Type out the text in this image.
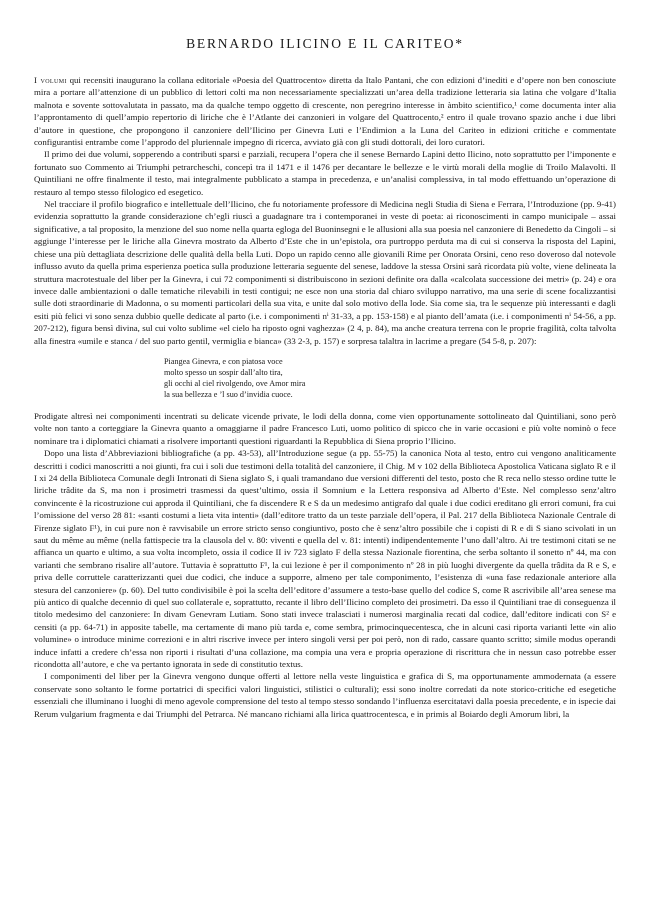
BERNARDO ILICINO E IL CARITEO*

I volumi qui recensiti inaugurano la collana editoriale «Poesia del Quattrocento» diretta da Italo Pantani, che con edizioni d’inediti e d’opere non ben conosciute mira a portare all’attenzione di un pubblico di lettori colti ma non necessariamente specializzati un’area della tradizione letteraria sia latina che volgare d’Italia malnota e sovente sottovalutata in passato, ma da qualche tempo oggetto di crescente, non peregrino interesse in àmbito scientifico,¹ come documenta inter alia l’approntamento di quell’ampio repertorio di liriche che è l’Atlante dei canzonieri in volgare del Quattrocento,² entro il quale trovano spazio anche i due libri d’autore in questione, che propongono il canzoniere dell’Ilicino per Ginevra Luti e l’Endimion a la Luna del Cariteo in edizioni critiche e commentate configurantisi entrambe come l’approdo del pluriennale impegno di ricerca, avviato già con gli studi dottorali, dei loro curatori.

Il primo dei due volumi, sopperendo a contributi sparsi e parziali, recupera l’opera che il senese Bernardo Lapini detto Ilicino, noto soprattutto per l’imponente e fortunato suo Commento ai Triumphi petrarcheschi, concepì tra il 1471 e il 1476 per decantare le bellezze e le virtù morali della moglie di Troilo Malavolti. Il Quintiliani ne offre finalmente il testo, mai integralmente pubblicato a stampa in precedenza, e un’analisi complessiva, in tal modo effettuando un’operazione di restauro al tempo stesso filologico ed esegetico.

Nel tracciare il profilo biografico e intellettuale dell’Ilicino, che fu notoriamente professore di Medicina negli Studia di Siena e Ferrara, l’Introduzione (pp. 9-41) evidenzia soprattutto la grande considerazione ch’egli riuscì a guadagnare tra i contemporanei in veste di poeta: ai riconoscimenti in campo municipale – assai significative, a tal proposito, la menzione del suo nome nella quarta egloga del Buoninsegni e le allusioni alla sua poesia nel canzoniere di Benedetto da Cingoli – si aggiunge l’interesse per le liriche alla Ginevra mostrato da Alberto d’Este che in un’epistola, ora purtroppo perduta ma di cui si conserva la risposta del Lapini, chiese una più dettagliata descrizione delle qualità della bella Luti. Dopo un rapido cenno alle giovanili Rime per Onorata Orsini, ceno reso doveroso dal notevole influsso avuto da quella prima esperienza poetica sulla produzione letteraria seguente del senese, laddove la stessa Orsini sarà ricordata più volte, viene delineata la struttura macrotestuale del liber per la Ginevra, i cui 72 componimenti si distribuiscono in sezioni definite ora dalla «calcolata successione dei metri» (p. 24) e ora invece dalle ambientazioni o dalle tematiche rilevabili in testi contigui; ne esce non una storia dal chiaro sviluppo narrativo, ma una serie di scene focalizzantisi sulle doti straordinarie di Madonna, o su momenti particolari della sua vita, e unite dal solo motivo della lode. Sia come sia, tra le sequenze più interessanti e dagli esiti più felici vi sono senza dubbio quelle dedicate al parto (i.e. i componimenti nⁱ 31-33, a pp. 153-158) e al pianto dell’amata (i.e. i componimenti nⁱ 54-56, a pp. 207-212), figura bensì divina, sul cui volto sublime «el cielo ha riposto ogni vaghezza» (2 4, p. 84), ma anche creatura terrena con le proprie fragilità, colta talvolta alla finestra «umile e stanca / del suo parto gentil, vermiglia e bianca» (33 2-3, p. 157) e sorpresa talaltra in lacrime a pregare (54 5-8, p. 207):

Piangea Ginevra, e con piatosa voce
molto spesso un sospir dall’alto tira,
gli occhi al ciel rivolgendo, ove Amor mira
la sua bellezza e ’l suo d’invidia cuoce.

Prodigate altresì nei componimenti incentrati su delicate vicende private, le lodi della donna, come vien opportunamente sottolineato dal Quintiliani, sono però volte non tanto a corteggiare la Ginevra quanto a omaggiarne il padre Francesco Luti, uomo politico di spicco che in varie occasioni e più volte nominò o fece nominare tra i diplomatici chiamati a risolvere importanti questioni riguardanti la Repubblica di Siena proprio l’Ilicino.

Dopo una lista d’Abbreviazioni bibliografiche (a pp. 43-53), all’Introduzione segue (a pp. 55-75) la canonica Nota al testo, entro cui vengono analiticamente descritti i codici manoscritti a noi giunti, fra cui i soli due testimoni della totalità del canzoniere, il Chig. M v 102 della Biblioteca Apostolica Vaticana siglato R e il I xi 24 della Biblioteca Comunale degli Intronati di Siena siglato S, i quali tramandano due versioni differenti del testo, posto che R reca nello stesso ordine tutte le liriche trâdite da S, ma non i prosimetri trasmessi da quest’ultimo, ossia il Somnium e la Lettera responsiva ad Alberto d’Este. Nel complesso senz’altro convincente è la ricostruzione cui approda il Quintiliani, che fa discendere R e S da un medesimo antigrafo dal quale i due codici ereditano gli errori comuni, fra cui l’omissione del verso 28 81: «santi costumi a lieta vita intenti» (dall’editore tratto da un teste parziale dell’opera, il Pal. 217 della Biblioteca Nazionale Centrale di Firenze siglato F¹), in cui pure non è ravvisabile un errore stricto senso congiuntivo, posto che è senz’altro possibile che i copisti di R e di S siano scivolati in un saut du même au même (nella fattispecie tra la clausola del v. 80: viventi e quella del v. 81: intenti) indipendentemente l’uno dall’altro. Ai tre testimoni citati se ne affianca un quarto e ultimo, a sua volta incompleto, ossia il codice II iv 723 siglato F della stessa Nazionale fiorentina, che serba soltanto il sonetto nº 44, ma con varianti che sembrano risalire all’autore. Tuttavia è soprattutto F¹, la cui lezione è per il componimento nº 28 in più luoghi divergente da quella trâdita da R e S, e priva delle corruttele caratterizzanti quei due codici, che induce a supporre, almeno per tale componimento, l’esistenza di «una fase redazionale anteriore alla stesura del canzoniere» (p. 60). Del tutto condivisibile è poi la scelta dell’editore d’assumere a testo-base quello del codice S, come R ascrivibile all’area senese ma più antico di qualche decennio di quel suo collaterale e, soprattutto, recante il libro dell’Ilicino completo dei prosimetri. Da esso il Quintiliani trae di conseguenza il titolo medesimo del canzoniere: In divam Genevram Lutiam. Sono stati invece tralasciati i numerosi marginalia recati dal codice, dall’editore indicati con S² e censiti (a pp. 64-71) in apposite tabelle, ma certamente di mano più tarda e, come sembra, primocinquecentesca, che in alcuni casi riporta varianti lette «in alio volumine» o introduce minime correzioni e in altri riscrive invece per intero singoli versi per poi però, non di rado, cassare quanto scritto; simile modus operandi induce infatti a credere ch’essa non riporti i risultati d’una collazione, ma compia una vera e propria operazione di riscrittura che in nessun caso potrebbe esser ricondotta all’autore, e che va pertanto ignorata in sede di constitutio textus.

I componimenti del liber per la Ginevra vengono dunque offerti al lettore nella veste linguistica e grafica di S, ma opportunamente ammodernata (a essere conservate sono soltanto le forme portatrici di specifici valori linguistici, stilistici o culturali); essi sono inoltre corredati da note storico-critiche ed esegetiche essenziali che illuminano i luoghi di meno agevole comprensione del testo al tempo stesso sondando l’influenza esercitatavi dalla poesia precedente, e in ispecie dai Rerum vulgarium fragmenta e dai Triumphi del Petrarca. Né mancano richiami alla lirica quattrocentesca, e in primis al Boiardo degli Amorum libri, la
